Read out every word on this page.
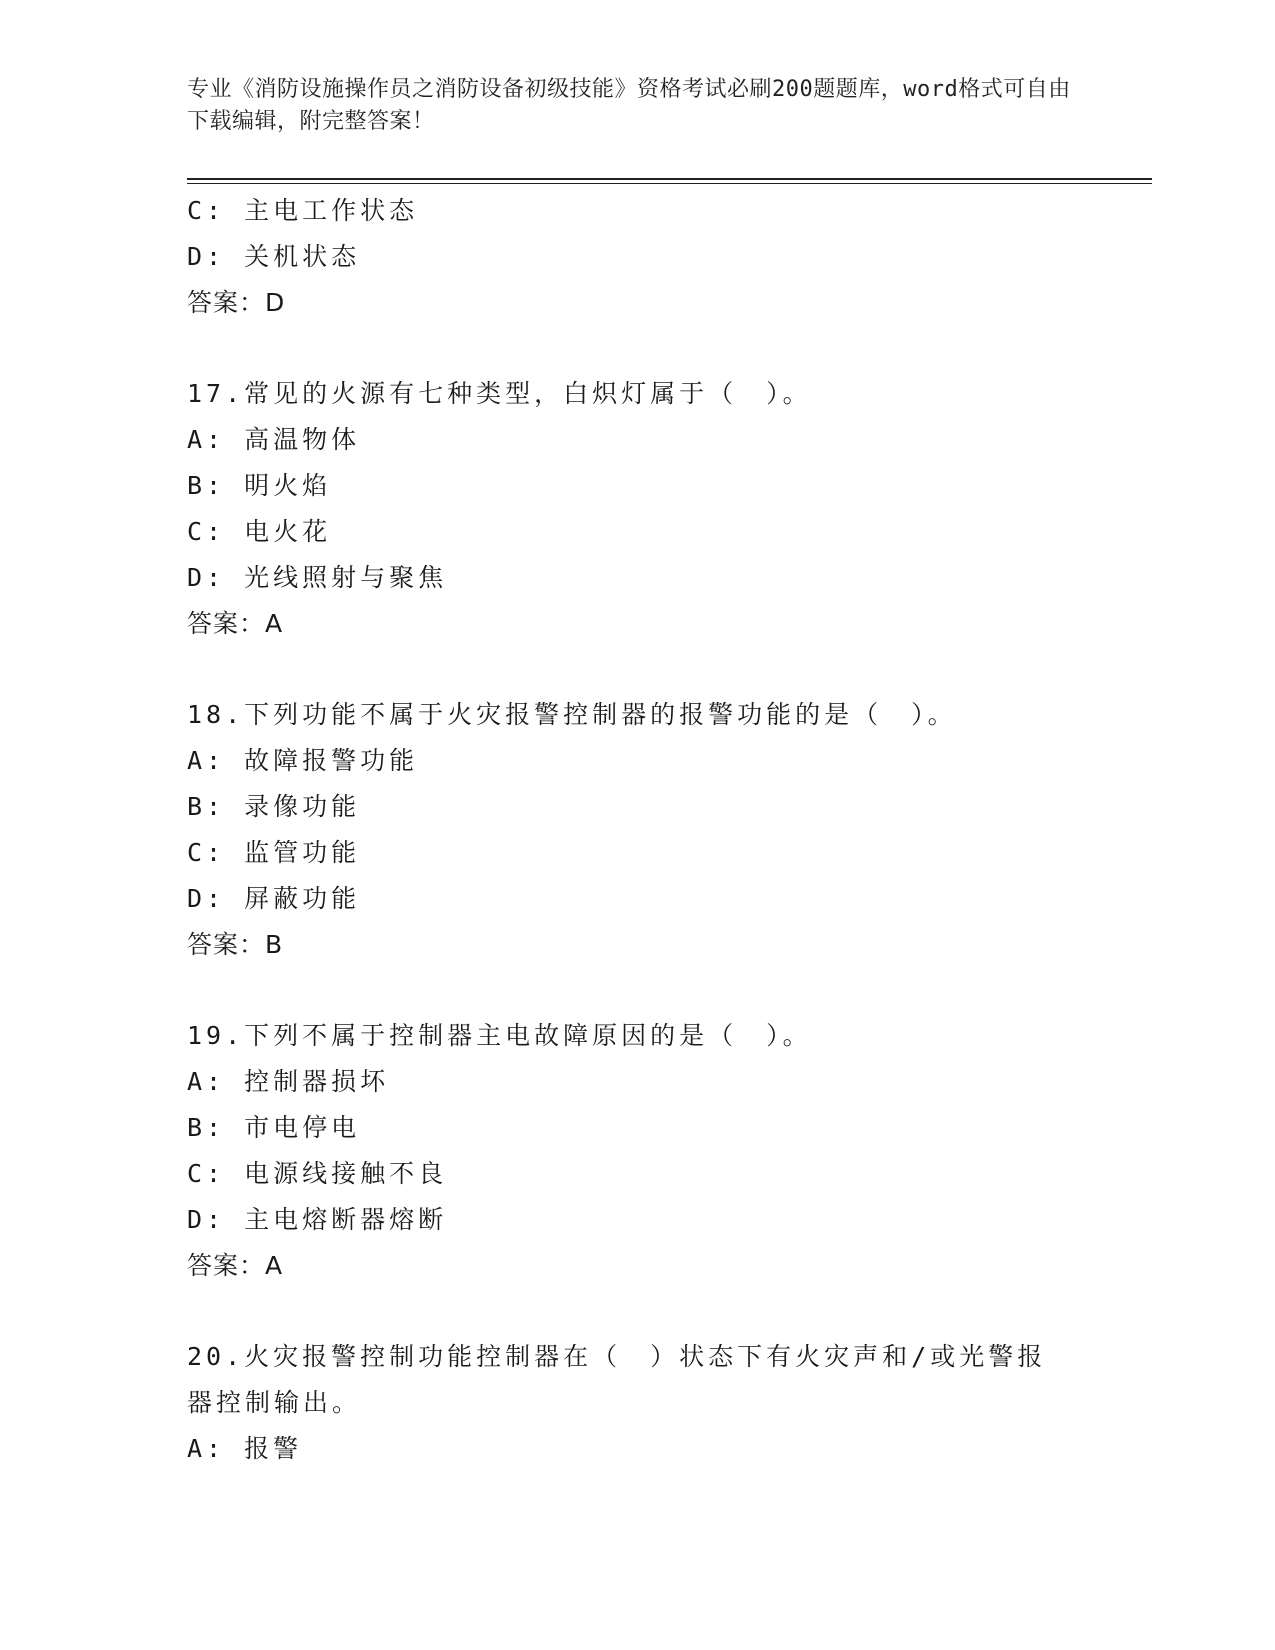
专业《消防设施操作员之消防设备初级技能》资格考试必刷200题题库，word格式可自由下载编辑，附完整答案！
C: 主电工作状态
D: 关机状态
答案：D
17.常见的火源有七种类型，白炽灯属于（　）。
A: 高温物体
B: 明火焰
C: 电火花
D: 光线照射与聚焦
答案：A
18.下列功能不属于火灾报警控制器的报警功能的是（　）。
A: 故障报警功能
B: 录像功能
C: 监管功能
D: 屏蔽功能
答案：B
19.下列不属于控制器主电故障原因的是（　）。
A: 控制器损坏
B: 市电停电
C: 电源线接触不良
D: 主电熔断器熔断
答案：A
20.火灾报警控制功能控制器在（　）状态下有火灾声和/或光警报器控制输出。
A: 报警
